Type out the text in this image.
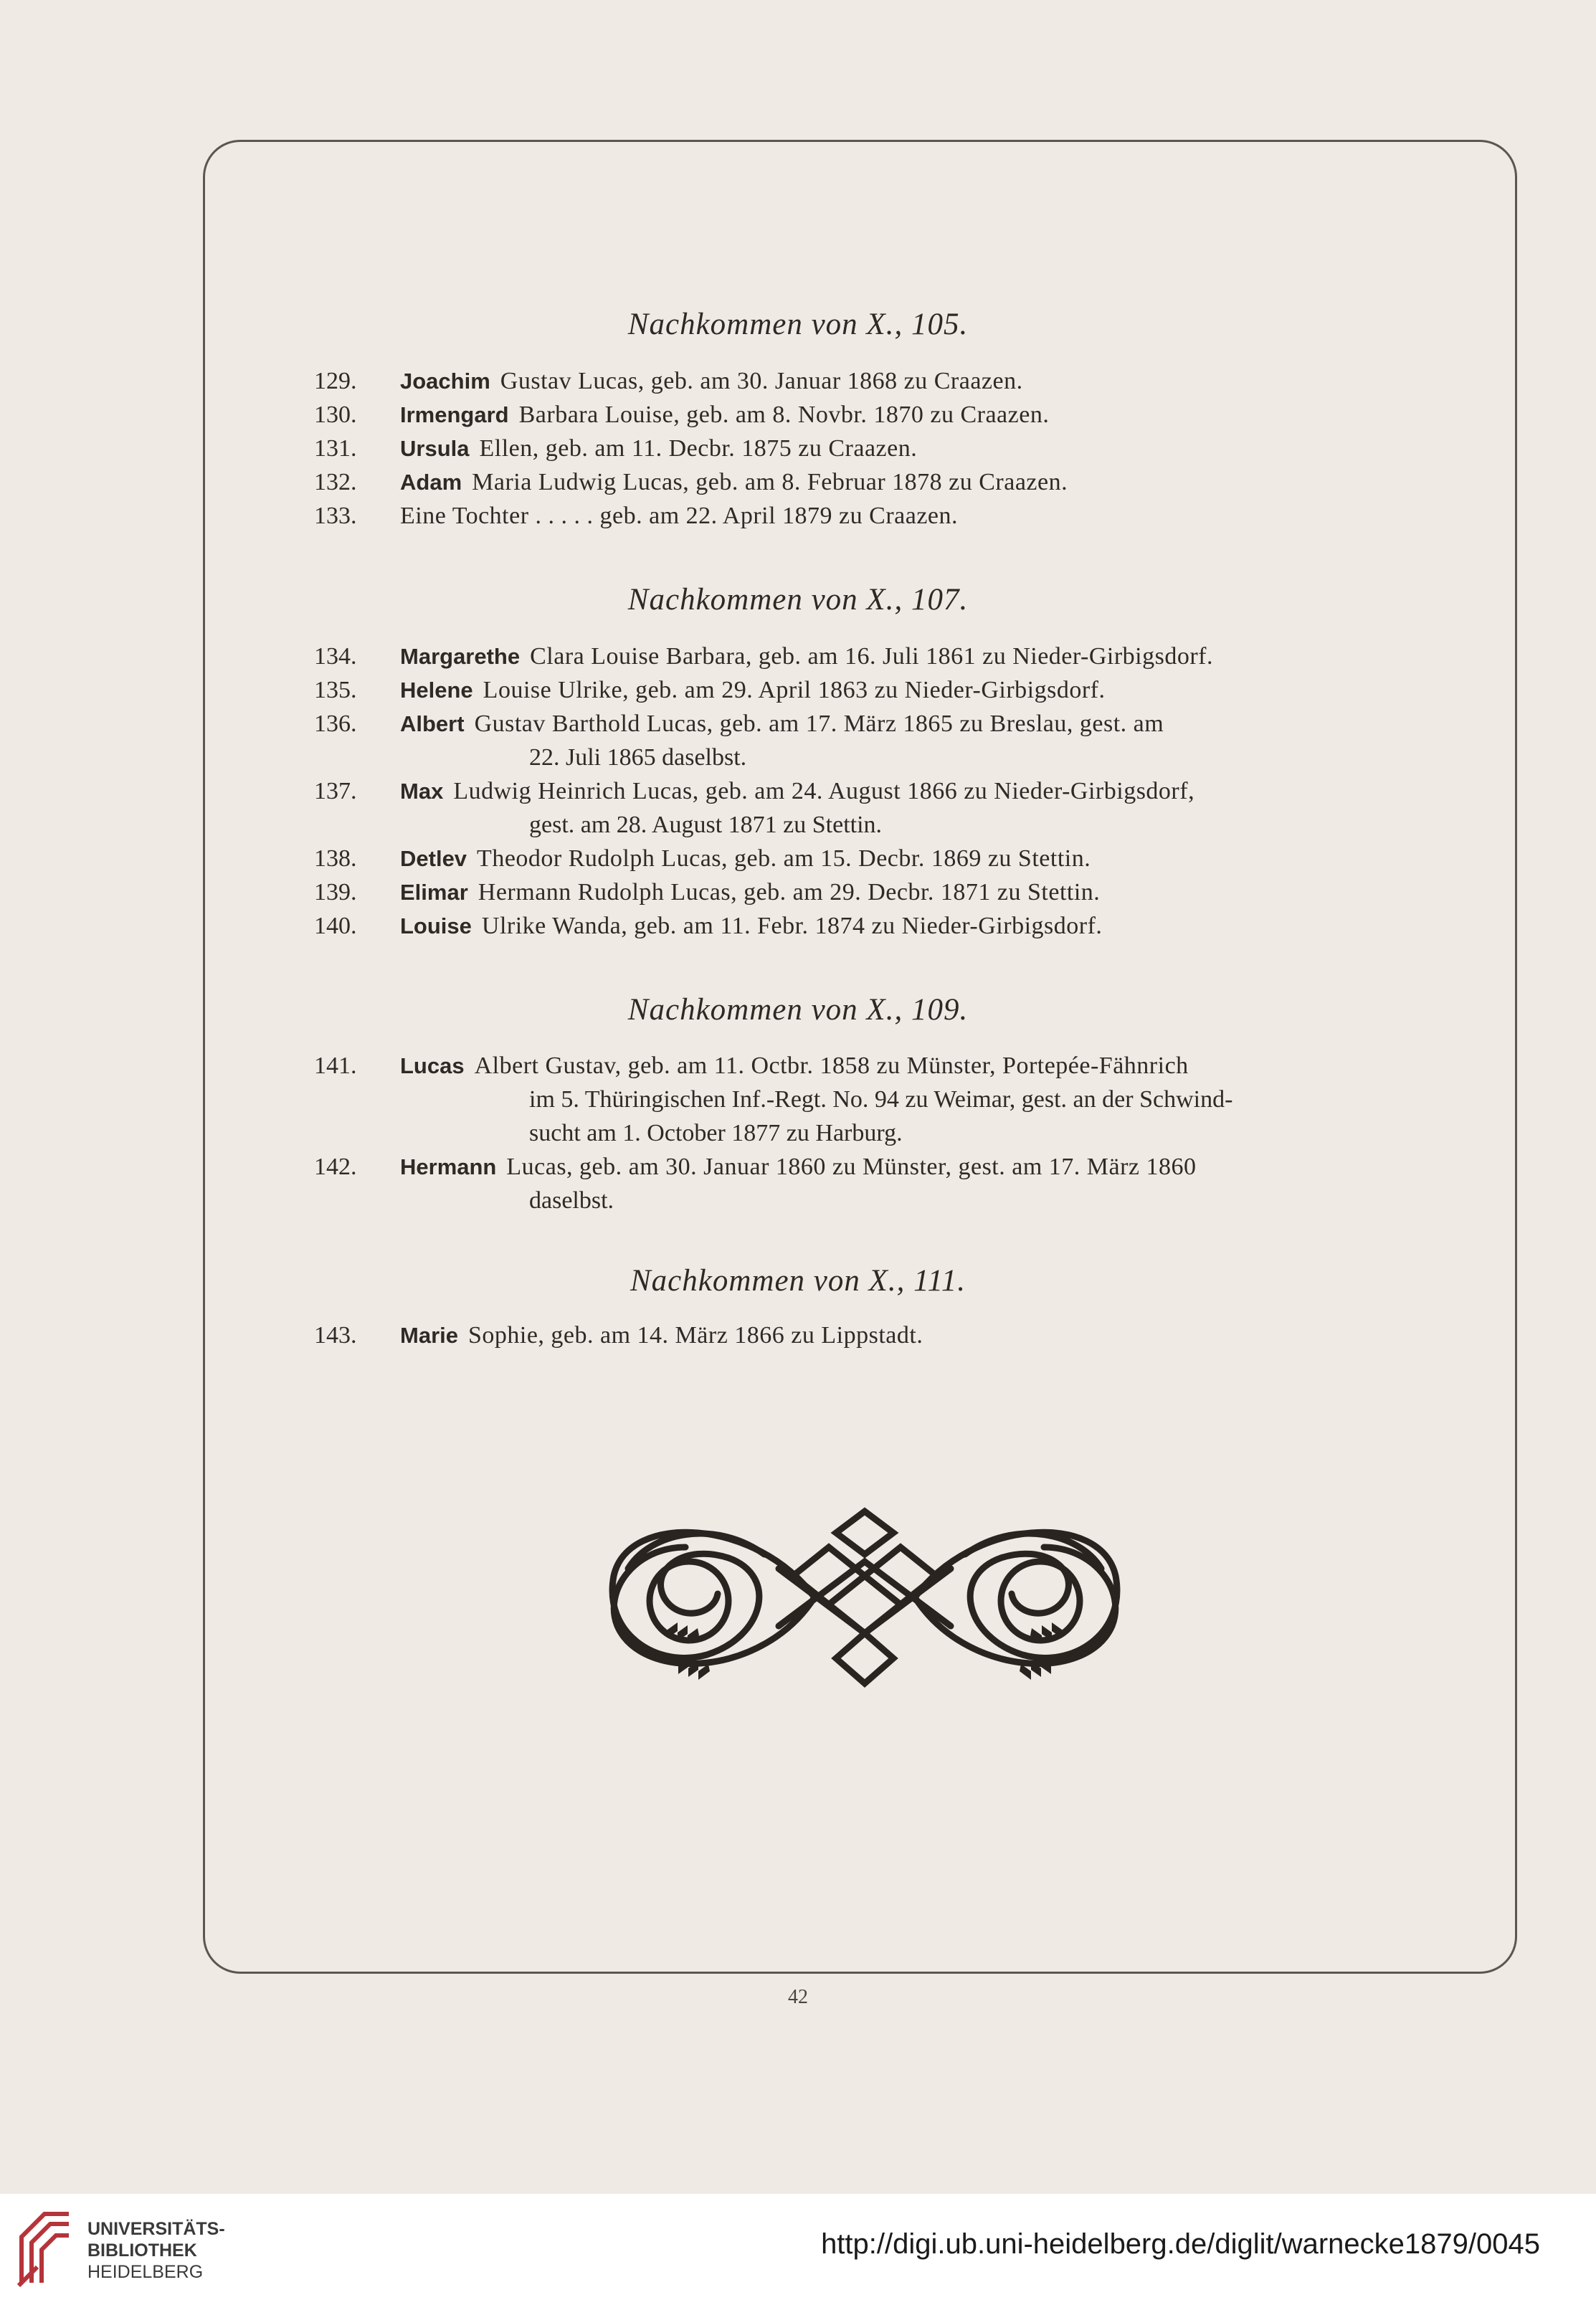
Nachkommen von X., 105.
129. Joachim Gustav Lucas, geb. am 30. Januar 1868 zu Craazen.
130. Irmengard Barbara Louise, geb. am 8. Novbr. 1870 zu Craazen.
131. Ursula Ellen, geb. am 11. Decbr. 1875 zu Craazen.
132. Adam Maria Ludwig Lucas, geb. am 8. Februar 1878 zu Craazen.
133. Eine Tochter . . . . . geb. am 22. April 1879 zu Craazen.
Nachkommen von X., 107.
134. Margarethe Clara Louise Barbara, geb. am 16. Juli 1861 zu Nieder-Girbigsdorf.
135. Helene Louise Ulrike, geb. am 29. April 1863 zu Nieder-Girbigsdorf.
136. Albert Gustav Barthold Lucas, geb. am 17. März 1865 zu Breslau, gest. am
22. Juli 1865 daselbst.
137. Max Ludwig Heinrich Lucas, geb. am 24. August 1866 zu Nieder-Girbigsdorf,
gest. am 28. August 1871 zu Stettin.
138. Detlev Theodor Rudolph Lucas, geb. am 15. Decbr. 1869 zu Stettin.
139. Elimar Hermann Rudolph Lucas, geb. am 29. Decbr. 1871 zu Stettin.
140. Louise Ulrike Wanda, geb. am 11. Febr. 1874 zu Nieder-Girbigsdorf.
Nachkommen von X., 109.
141. Lucas Albert Gustav, geb. am 11. Octbr. 1858 zu Münster, Portepée-Fähnrich
im 5. Thüringischen Inf.-Regt. No. 94 zu Weimar, gest. an der Schwind-
sucht am 1. October 1877 zu Harburg.
142. Hermann Lucas, geb. am 30. Januar 1860 zu Münster, gest. am 17. März 1860
daselbst.
Nachkommen von X., 111.
143. Marie Sophie, geb. am 14. März 1866 zu Lippstadt.
42
UNIVERSITÄTS-
BIBLIOTHEK
HEIDELBERG
http://digi.ub.uni-heidelberg.de/diglit/warnecke1879/0045
